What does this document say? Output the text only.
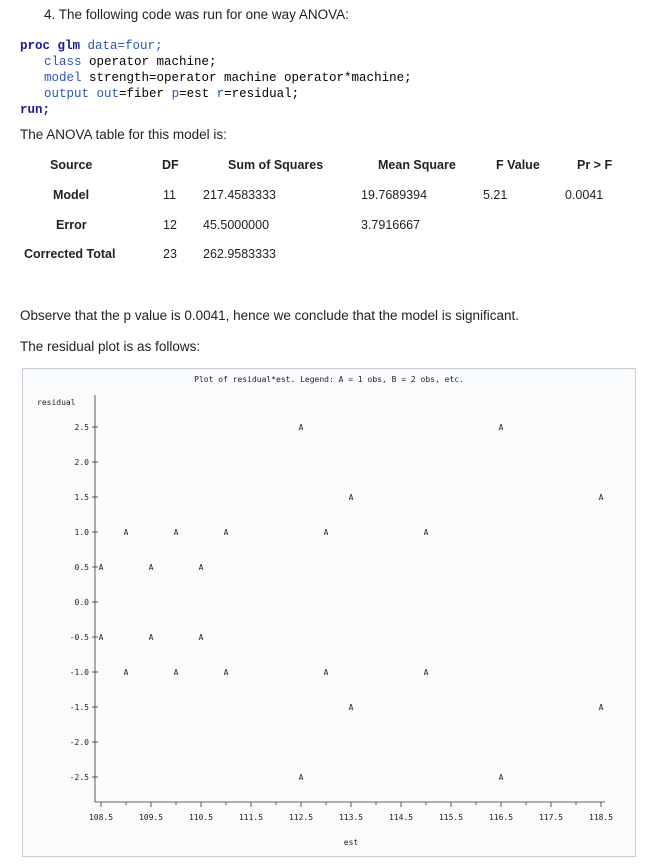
4. The following code was run for one way ANOVA:
proc glm data=four;
class operator machine;
model strength=operator machine operator*machine;
output out=fiber p=est r=residual;
run;
The ANOVA table for this model is:
Source	DF	Sum of Squares	Mean Square	F Value	Pr > F
Model	11 217.4583333	19.7689394	5.21	0.0041
Error	12 45.5000000	3.7916667
Corrected Total	23 262.9583333
Observe that the p value is 0.0041, hence we conclude that the model is significant.
The residual plot is as follows:
Plot of residual*est. Legend: A = 1 obs, B = 2 obs, etc.
residual
est
2.5
2.0
1.5
1.0
0.5
0.0
-0.5
-1.0
-1.5
-2.0
-2.5
108.5	109.5	110.5	111.5	112.5	113.5	114.5	115.5	116.5	117.5	118.5
A
A
A
A
A
A
A
A
A
A
A
A
A
A
A
A
A
A
A
A
A
A
A
A
